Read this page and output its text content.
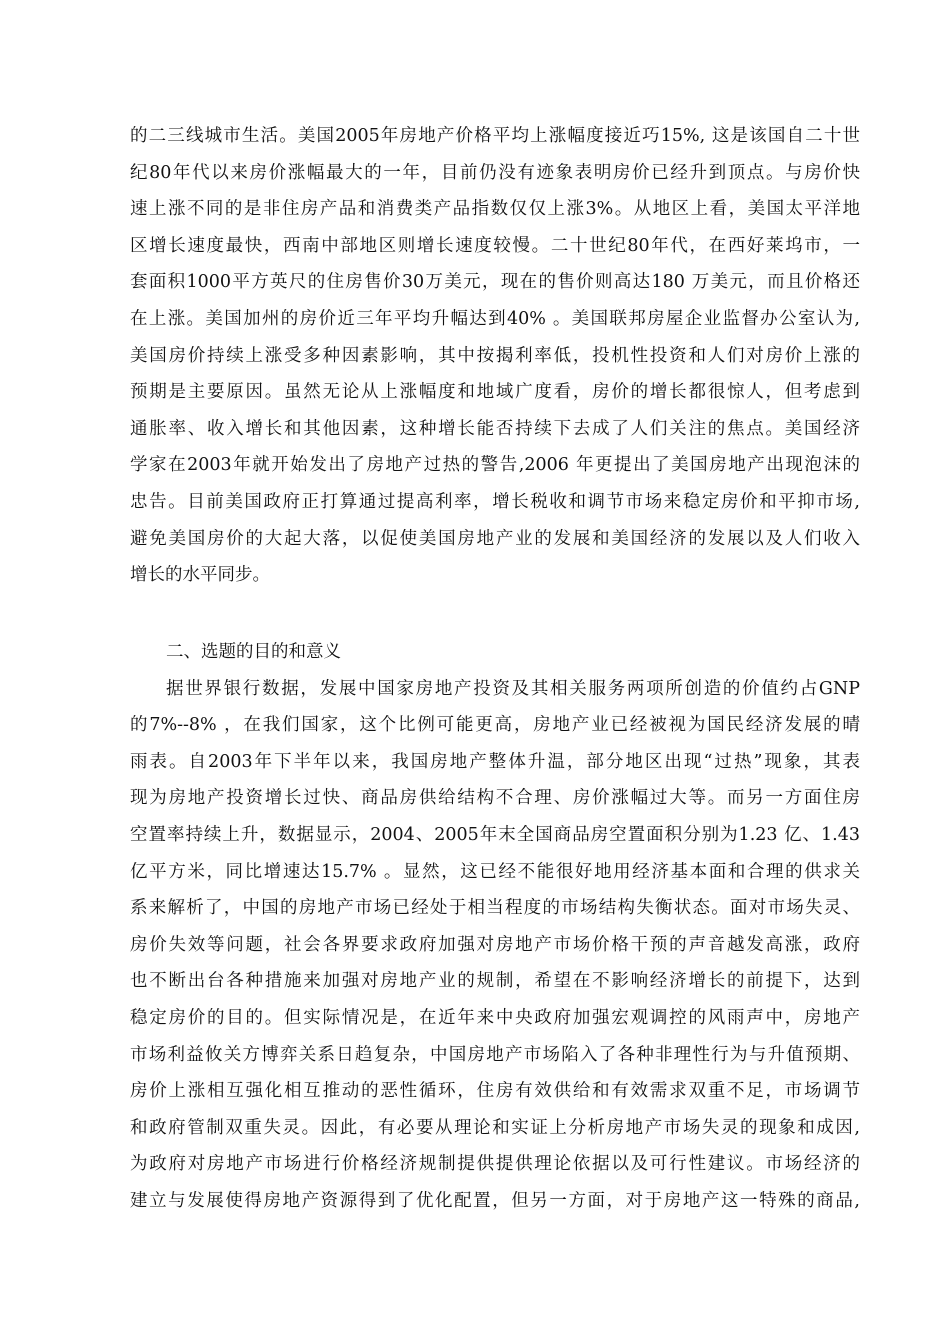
的二三线城市生活。美国2005年房地产价格平均上涨幅度接近巧15%, 这是该国自二十世
纪80年代以来房价涨幅最大的一年，目前仍没有迹象表明房价已经升到顶点。与房价快
速上涨不同的是非住房产品和消费类产品指数仅仅上涨3%。从地区上看，美国太平洋地
区增长速度最快，西南中部地区则增长速度较慢。二十世纪80年代，在西好莱坞市，一
套面积1000平方英尺的住房售价30万美元，现在的售价则高达180 万美元，而且价格还
在上涨。美国加州的房价近三年平均升幅达到40% 。美国联邦房屋企业监督办公室认为,
美国房价持续上涨受多种因素影响，其中按揭利率低，投机性投资和人们对房价上涨的
预期是主要原因。虽然无论从上涨幅度和地域广度看，房价的增长都很惊人，但考虑到
通胀率、收入增长和其他因素，这种增长能否持续下去成了人们关注的焦点。美国经济
学家在2003年就开始发出了房地产过热的警告,2006 年更提出了美国房地产出现泡沫的
忠告。目前美国政府正打算通过提高利率，增长税收和调节市场来稳定房价和平抑市场,
避免美国房价的大起大落，以促使美国房地产业的发展和美国经济的发展以及人们收入
增长的水平同步。
二、选题的目的和意义
据世界银行数据，发展中国家房地产投资及其相关服务两项所创造的价值约占GNP
的7%--8% ，在我们国家，这个比例可能更高，房地产业已经被视为国民经济发展的晴
雨表。自2003年下半年以来，我国房地产整体升温，部分地区出现“过热”现象，其表
现为房地产投资增长过快、商品房供给结构不合理、房价涨幅过大等。而另一方面住房
空置率持续上升，数据显示，2004、2005年末全国商品房空置面积分别为1.23 亿、1.43
亿平方米，同比增速达15.7% 。显然，这已经不能很好地用经济基本面和合理的供求关
系来解析了，中国的房地产市场已经处于相当程度的市场结构失衡状态。面对市场失灵、
房价失效等问题，社会各界要求政府加强对房地产市场价格干预的声音越发高涨，政府
也不断出台各种措施来加强对房地产业的规制，希望在不影响经济增长的前提下，达到
稳定房价的目的。但实际情况是，在近年来中央政府加强宏观调控的风雨声中，房地产
市场利益攸关方博弈关系日趋复杂，中国房地产市场陷入了各种非理性行为与升值预期、
房价上涨相互强化相互推动的恶性循环，住房有效供给和有效需求双重不足，市场调节
和政府管制双重失灵。因此，有必要从理论和实证上分析房地产市场失灵的现象和成因,
为政府对房地产市场进行价格经济规制提供提供理论依据以及可行性建议。市场经济的
建立与发展使得房地产资源得到了优化配置，但另一方面，对于房地产这一特殊的商品,
